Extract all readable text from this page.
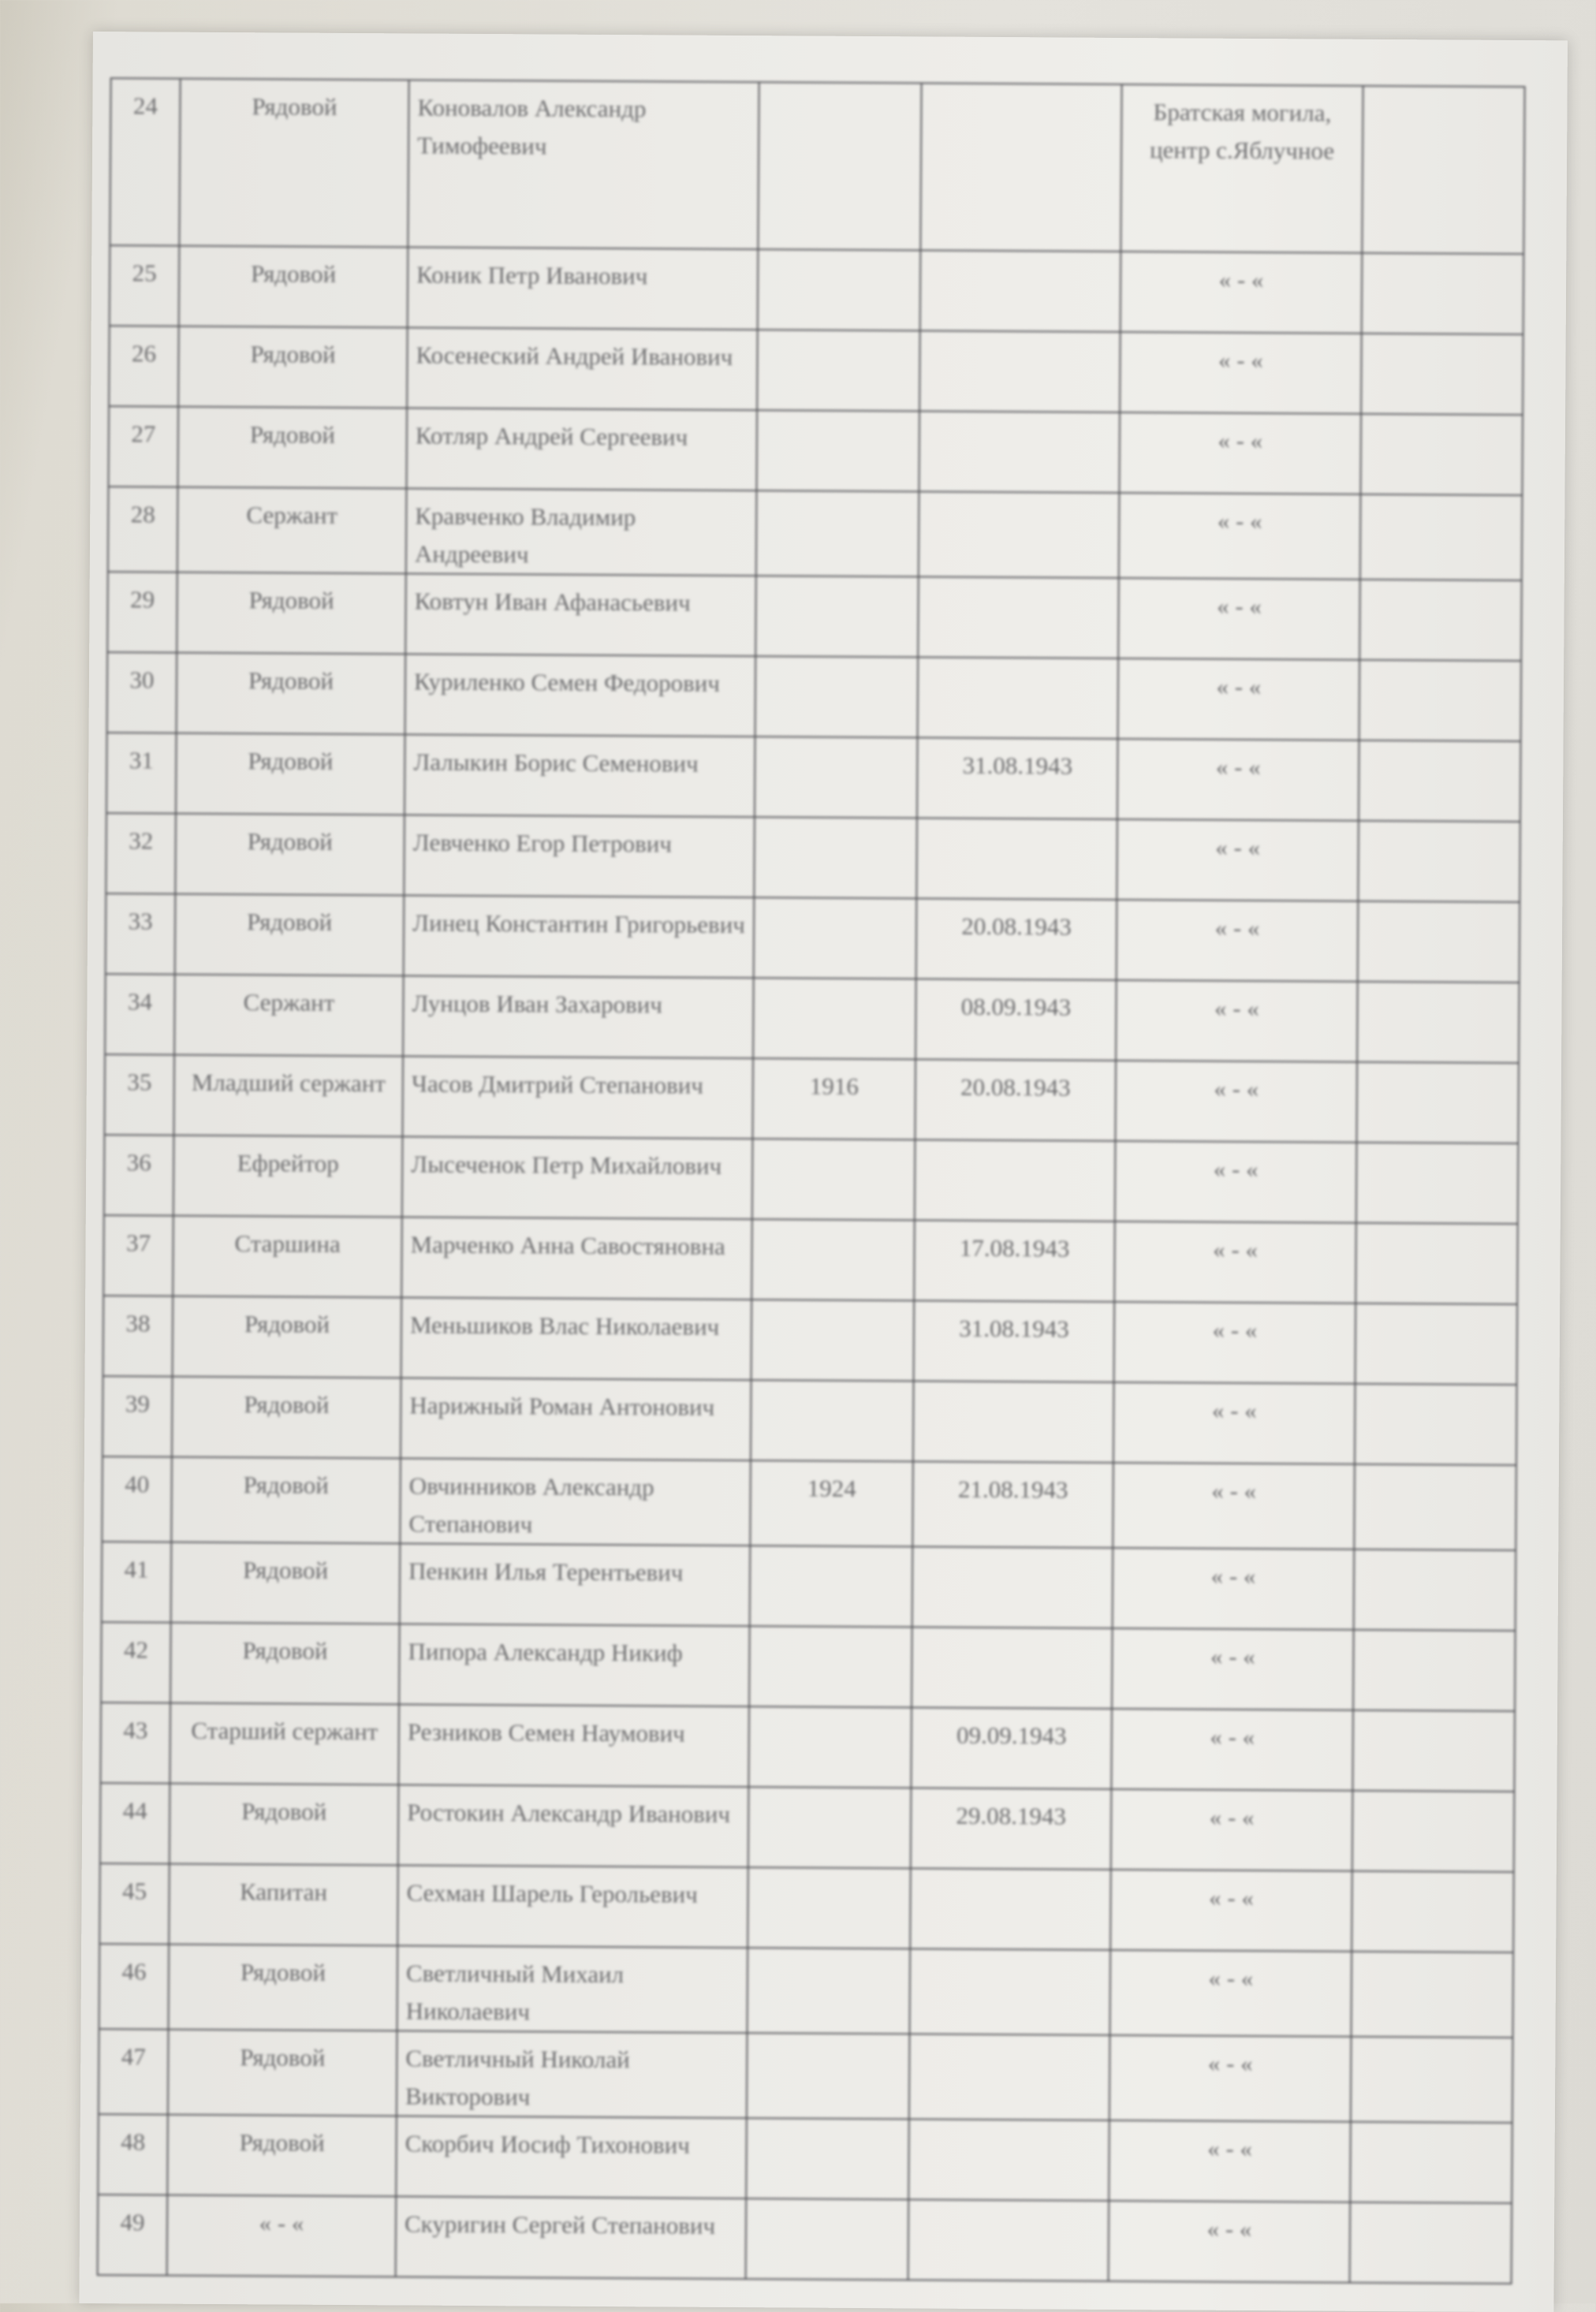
24	Рядовой	Коновалов Александр Тимофеевич			Братская могила, центр с.Яблучное	
25	Рядовой	Коник Петр Иванович			« - «	
26	Рядовой	Косенеский Андрей Иванович			« - «	
27	Рядовой	Котляр Андрей Сергеевич			« - «	
28	Сержант	Кравченко Владимир Андреевич			« - «	
29	Рядовой	Ковтун Иван Афанасьевич			« - «	
30	Рядовой	Куриленко Семен Федорович			« - «	
31	Рядовой	Лалыкин Борис Семенович		31.08.1943	« - «	
32	Рядовой	Левченко Егор Петрович			« - «	
33	Рядовой	Линец Константин Григорьевич		20.08.1943	« - «	
34	Сержант	Лунцов Иван Захарович		08.09.1943	« - «	
35	Младший сержант	Часов Дмитрий Степанович	1916	20.08.1943	« - «	
36	Ефрейтор	Лысеченок Петр Михайлович			« - «	
37	Старшина	Марченко Анна Савостяновна		17.08.1943	« - «	
38	Рядовой	Меньшиков Влас Николаевич		31.08.1943	« - «	
39	Рядовой	Нарижный Роман Антонович			« - «	
40	Рядовой	Овчинников Александр Степанович	1924	21.08.1943	« - «	
41	Рядовой	Пенкин Илья Терентьевич			« - «	
42	Рядовой	Пипора Александр Никиф			« - «	
43	Старший сержант	Резников Семен Наумович		09.09.1943	« - «	
44	Рядовой	Ростокин Александр Иванович		29.08.1943	« - «	
45	Капитан	Сехман Шарель Герольевич			« - «	
46	Рядовой	Светличный Михаил Николаевич			« - «	
47	Рядовой	Светличный Николай Викторович			« - «	
48	Рядовой	Скорбич Иосиф Тихонович			« - «	
49	« - «	Скуригин Сергей Степанович			« - «	
